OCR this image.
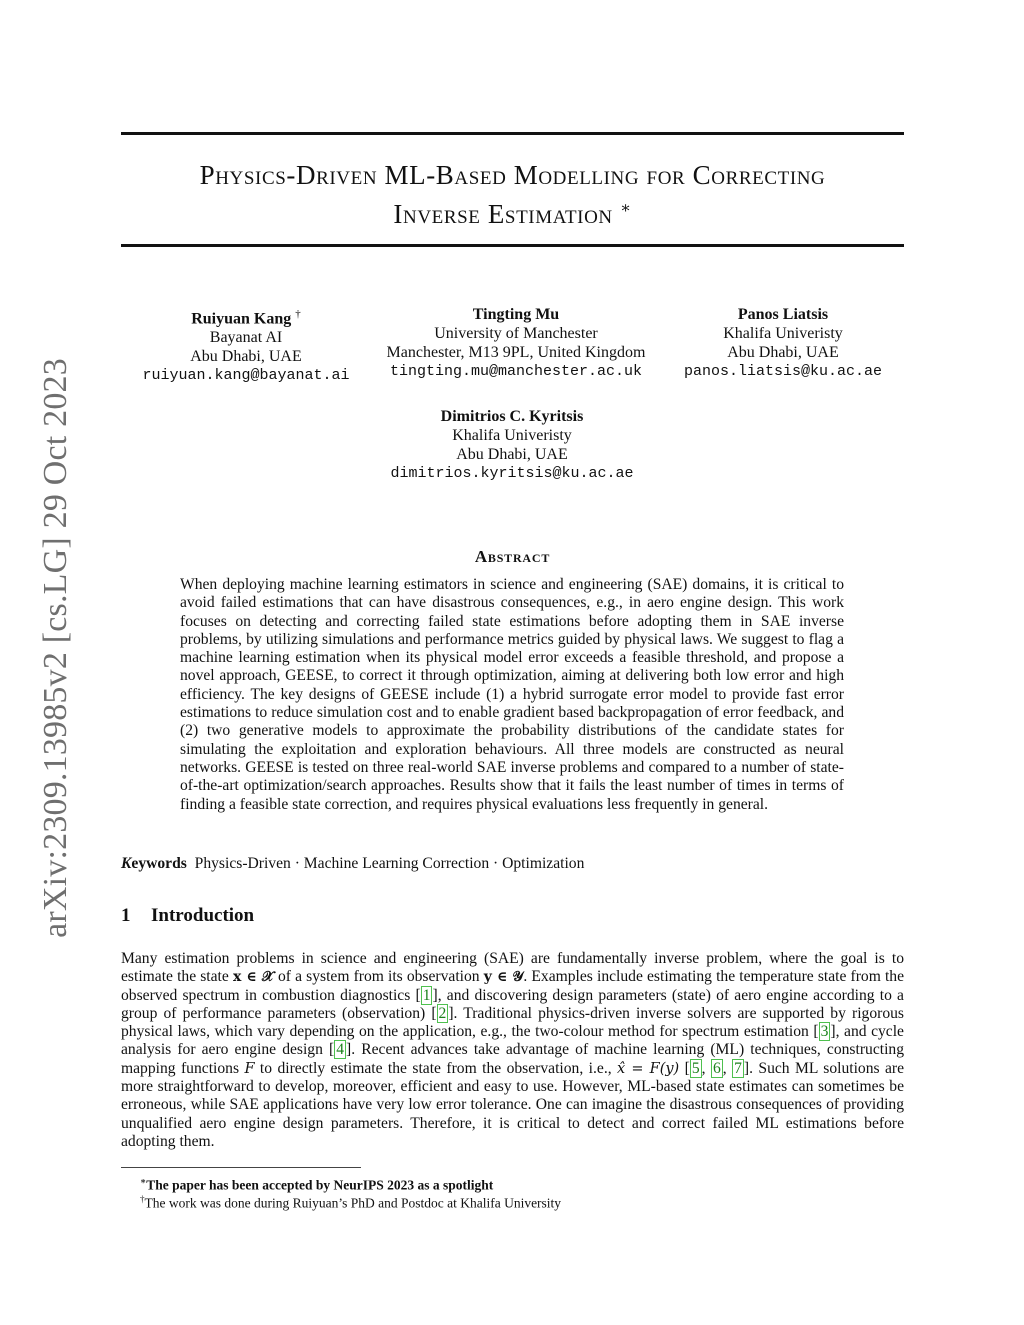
arXiv:2309.13985v2 [cs.LG] 29 Oct 2023
Physics-Driven ML-Based Modelling for Correcting
Inverse Estimation ∗
Ruiyuan Kang †
Bayanat AI
Abu Dhabi, UAE
ruiyuan.kang@bayanat.ai
Tingting Mu
University of Manchester
Manchester, M13 9PL, United Kingdom
tingting.mu@manchester.ac.uk
Panos Liatsis
Khalifa Univeristy
Abu Dhabi, UAE
panos.liatsis@ku.ac.ae
Dimitrios C. Kyritsis
Khalifa Univeristy
Abu Dhabi, UAE
dimitrios.kyritsis@ku.ac.ae
Abstract
When deploying machine learning estimators in science and engineering (SAE) domains, it is critical to avoid failed estimations that can have disastrous consequences, e.g., in aero engine design. This work focuses on detecting and correcting failed state estimations before adopting them in SAE inverse problems, by utilizing simulations and performance metrics guided by physical laws. We suggest to flag a machine learning estimation when its physical model error exceeds a feasible threshold, and propose a novel approach, GEESE, to correct it through optimization, aiming at delivering both low error and high efficiency. The key designs of GEESE include (1) a hybrid surrogate error model to provide fast error estimations to reduce simulation cost and to enable gradient based backpropagation of error feedback, and (2) two generative models to approximate the probability distributions of the candidate states for simulating the exploitation and exploration behaviours. All three models are constructed as neural networks. GEESE is tested on three real-world SAE inverse problems and compared to a number of state-of-the-art optimization/search approaches. Results show that it fails the least number of times in terms of finding a feasible state correction, and requires physical evaluations less frequently in general.
Keywords Physics-Driven · Machine Learning Correction · Optimization
1 Introduction
Many estimation problems in science and engineering (SAE) are fundamentally inverse problem, where the goal is to estimate the state x ∈ 𝒳 of a system from its observation y ∈ 𝒴. Examples include estimating the temperature state from the observed spectrum in combustion diagnostics [ 1 ], and discovering design parameters (state) of aero engine according to a group of performance parameters (observation) [ 2 ]. Traditional physics-driven inverse solvers are supported by rigorous physical laws, which vary depending on the application, e.g., the two-colour method for spectrum estimation [ 3 ], and cycle analysis for aero engine design [ 4 ]. Recent advances take advantage of machine learning (ML) techniques, constructing mapping functions F to directly estimate the state from the observation, i.e., x̂ = F(y) [ 5 , 6 , 7 ]. Such ML solutions are more straightforward to develop, moreover, efficient and easy to use. However, ML-based state estimates can sometimes be erroneous, while SAE applications have very low error tolerance. One can imagine the disastrous consequences of providing unqualified aero engine design parameters. Therefore, it is critical to detect and correct failed ML estimations before adopting them.
∗The paper has been accepted by NeurIPS 2023 as a spotlight
†The work was done during Ruiyuan’s PhD and Postdoc at Khalifa University
